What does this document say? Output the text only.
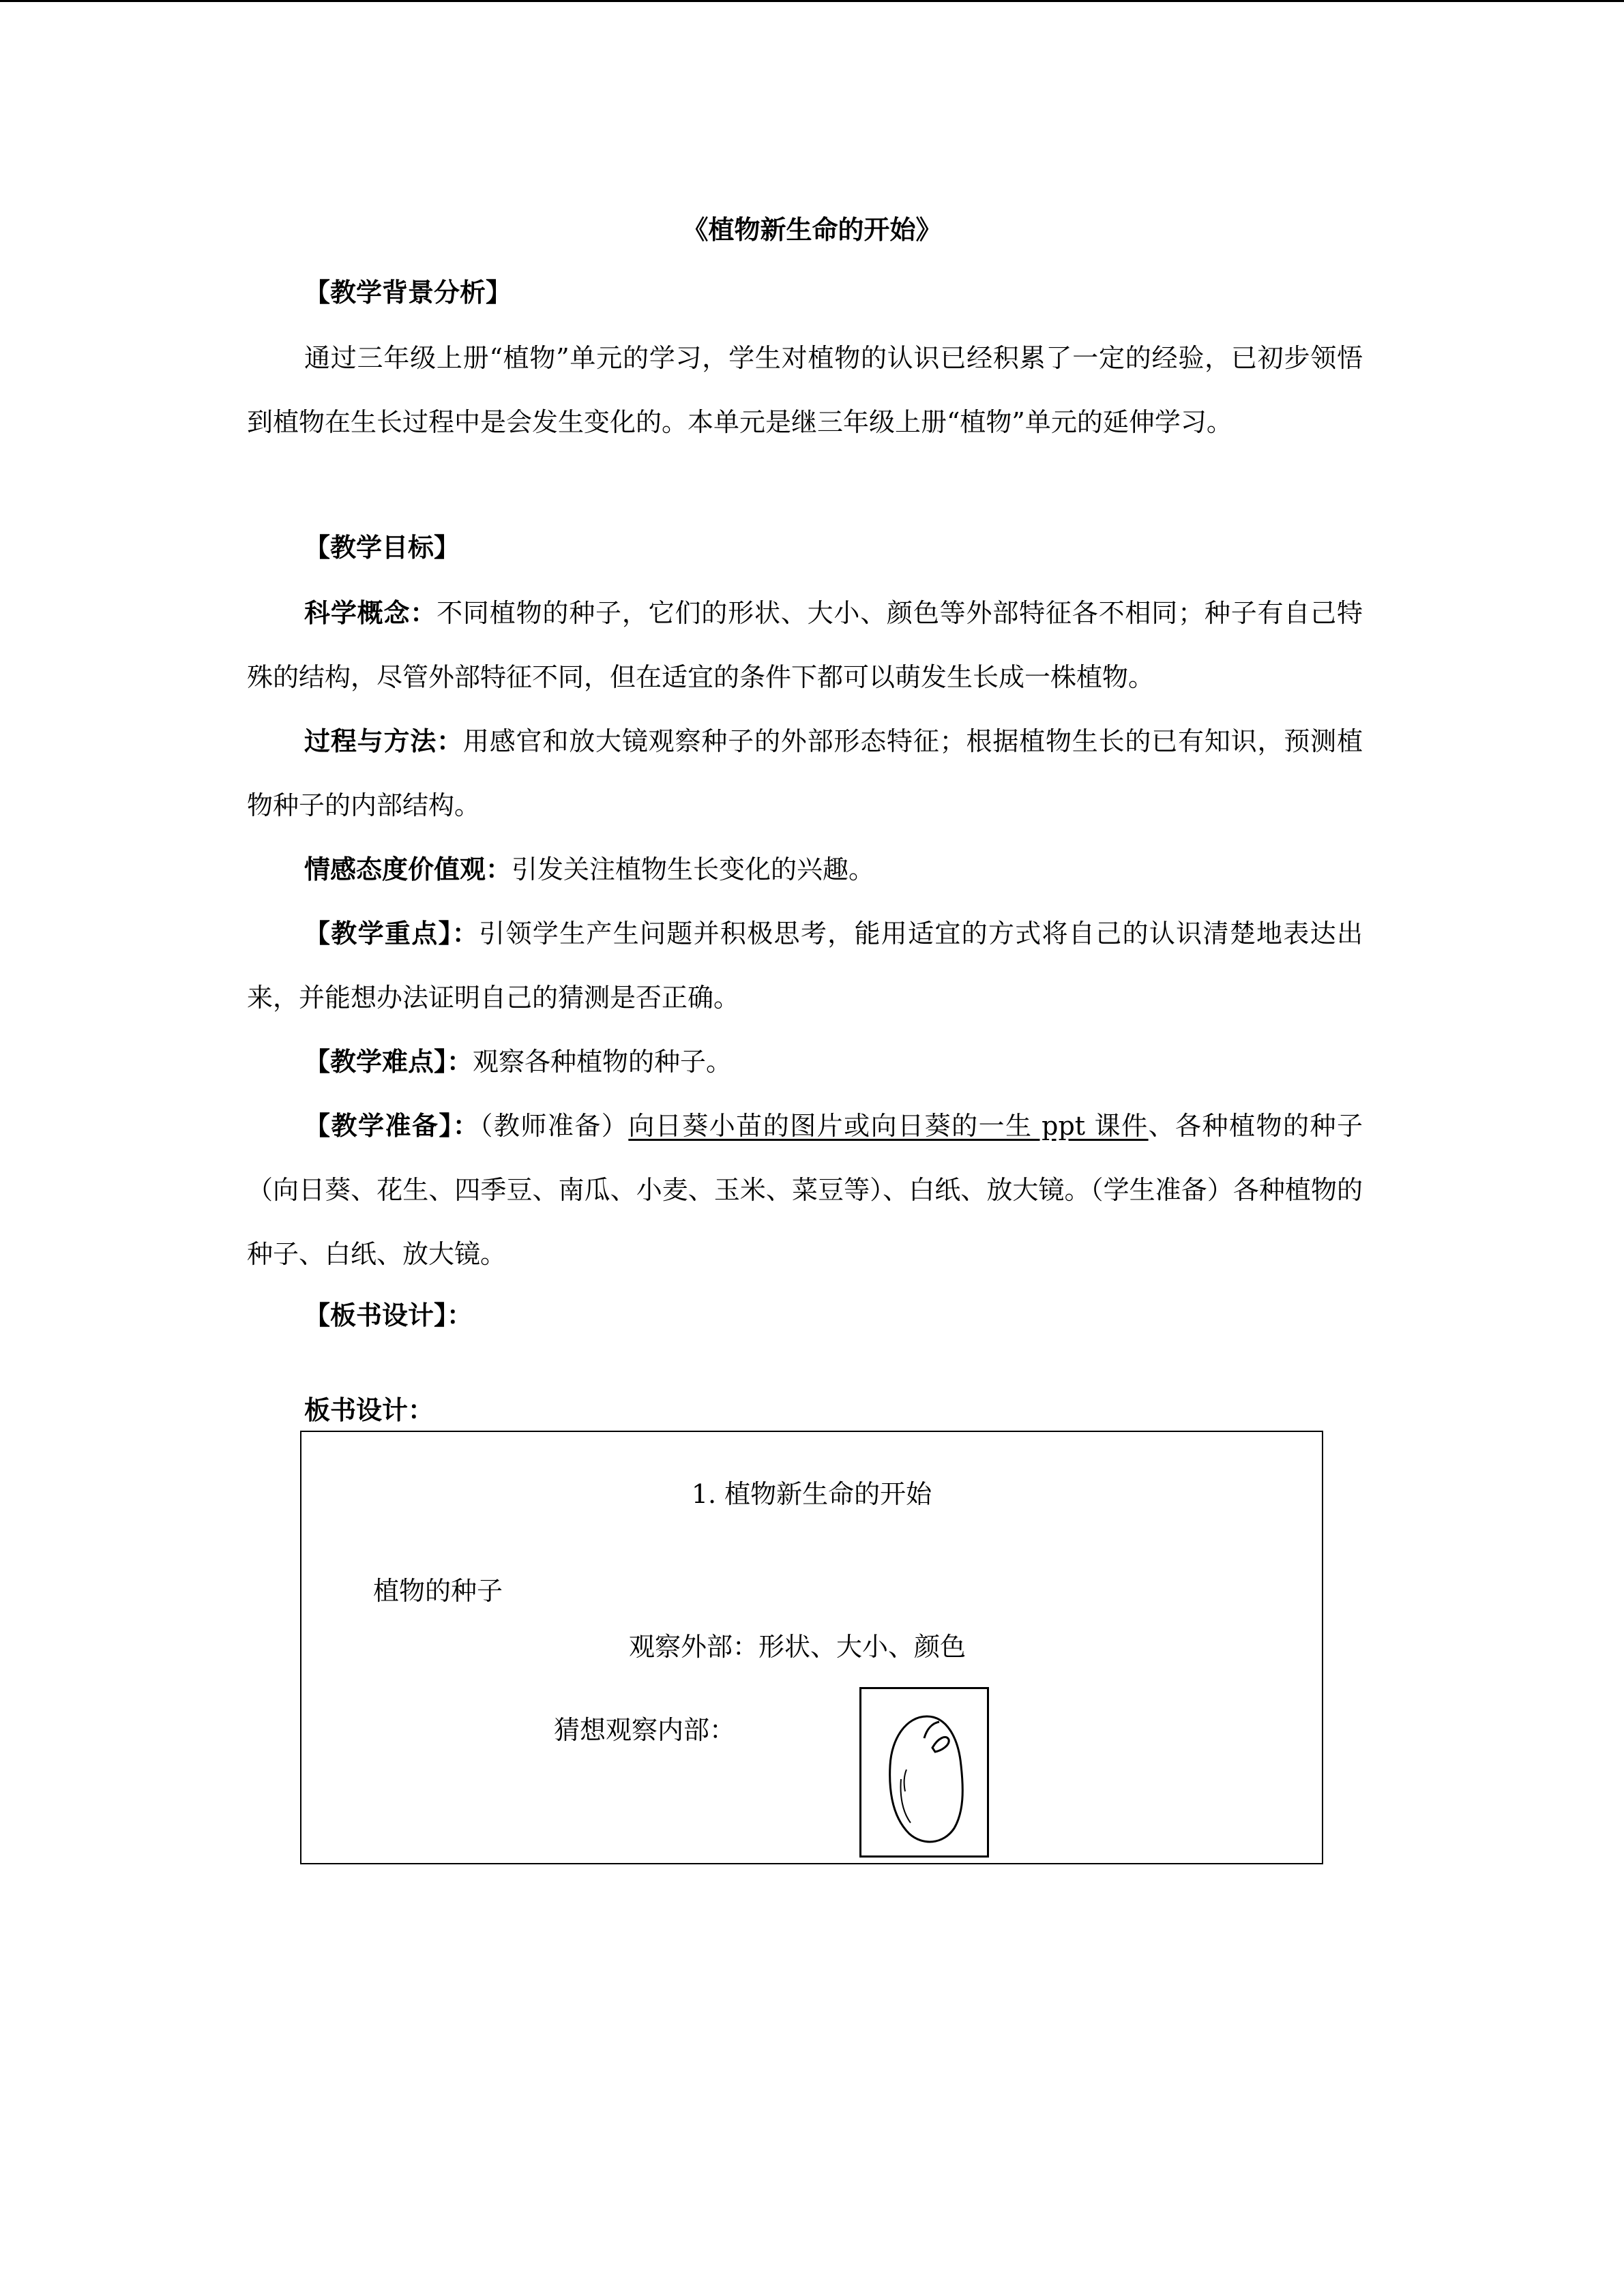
《植物新生命的开始》
【教学背景分析】
通过三年级上册“植物”单元的学习，学生对植物的认识已经积累了一定的经验，已初步领悟到植物在生长过程中是会发生变化的。本单元是继三年级上册“植物”单元的延伸学习。
【教学目标】
科学概念：不同植物的种子，它们的形状、大小、颜色等外部特征各不相同；种子有自己特殊的结构，尽管外部特征不同，但在适宜的条件下都可以萌发生长成一株植物。
过程与方法：用感官和放大镜观察种子的外部形态特征；根据植物生长的已有知识，预测植物种子的内部结构。
情感态度价值观：引发关注植物生长变化的兴趣。
【教学重点】：引领学生产生问题并积极思考，能用适宜的方式将自己的认识清楚地表达出来，并能想办法证明自己的猜测是否正确。
【教学难点】：观察各种植物的种子。
【教学准备】：（教师准备）向日葵小苗的图片或向日葵的一生 ppt 课件、各种植物的种子（向日葵、花生、四季豆、南瓜、小麦、玉米、菜豆等）、白纸、放大镜。（学生准备）各种植物的种子、白纸、放大镜。
【板书设计】：
板书设计：
1. 植物新生命的开始
植物的种子
观察外部：形状、大小、颜色
猜想观察内部：
